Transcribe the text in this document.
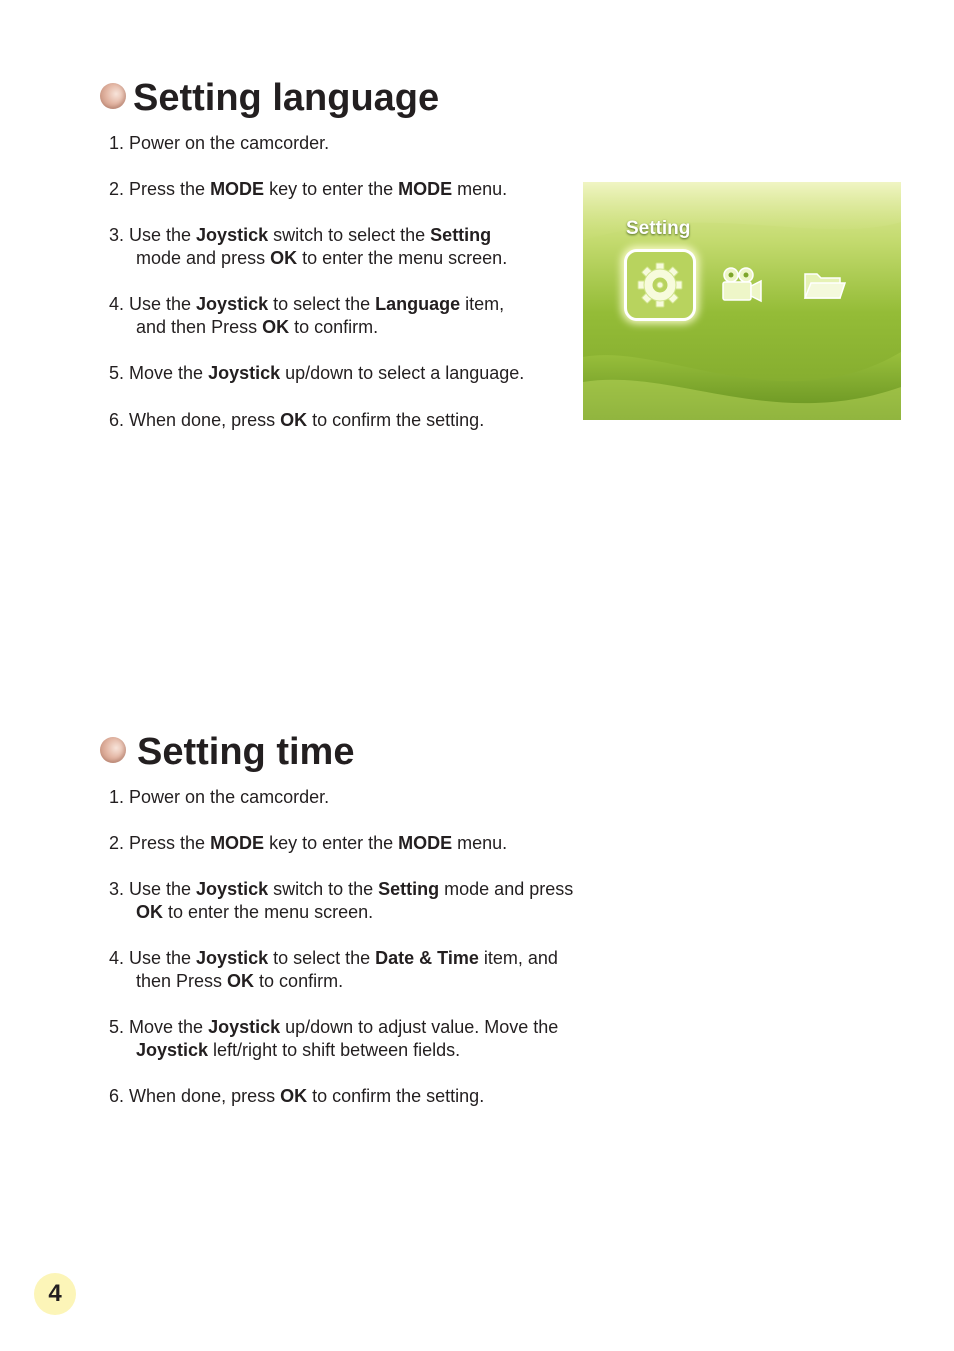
Setting language
1. Power on the camcorder.
2. Press the MODE key to enter the MODE menu.
3. Use the Joystick switch to select the Setting
mode and press OK to enter the menu screen.
4. Use the Joystick to select the Language item,
and then Press OK to confirm.
5. Move the Joystick up/down to select a language.
6. When done, press OK to confirm the setting.
Setting
Setting time
1. Power on the camcorder.
2. Press the MODE key to enter the MODE menu.
3. Use the Joystick switch to the Setting mode and press
OK to enter the menu screen.
4. Use the Joystick to select the Date & Time item, and
then Press OK to confirm.
5. Move the Joystick up/down to adjust value. Move the
Joystick left/right to shift between fields.
6. When done, press OK to confirm the setting.
4
